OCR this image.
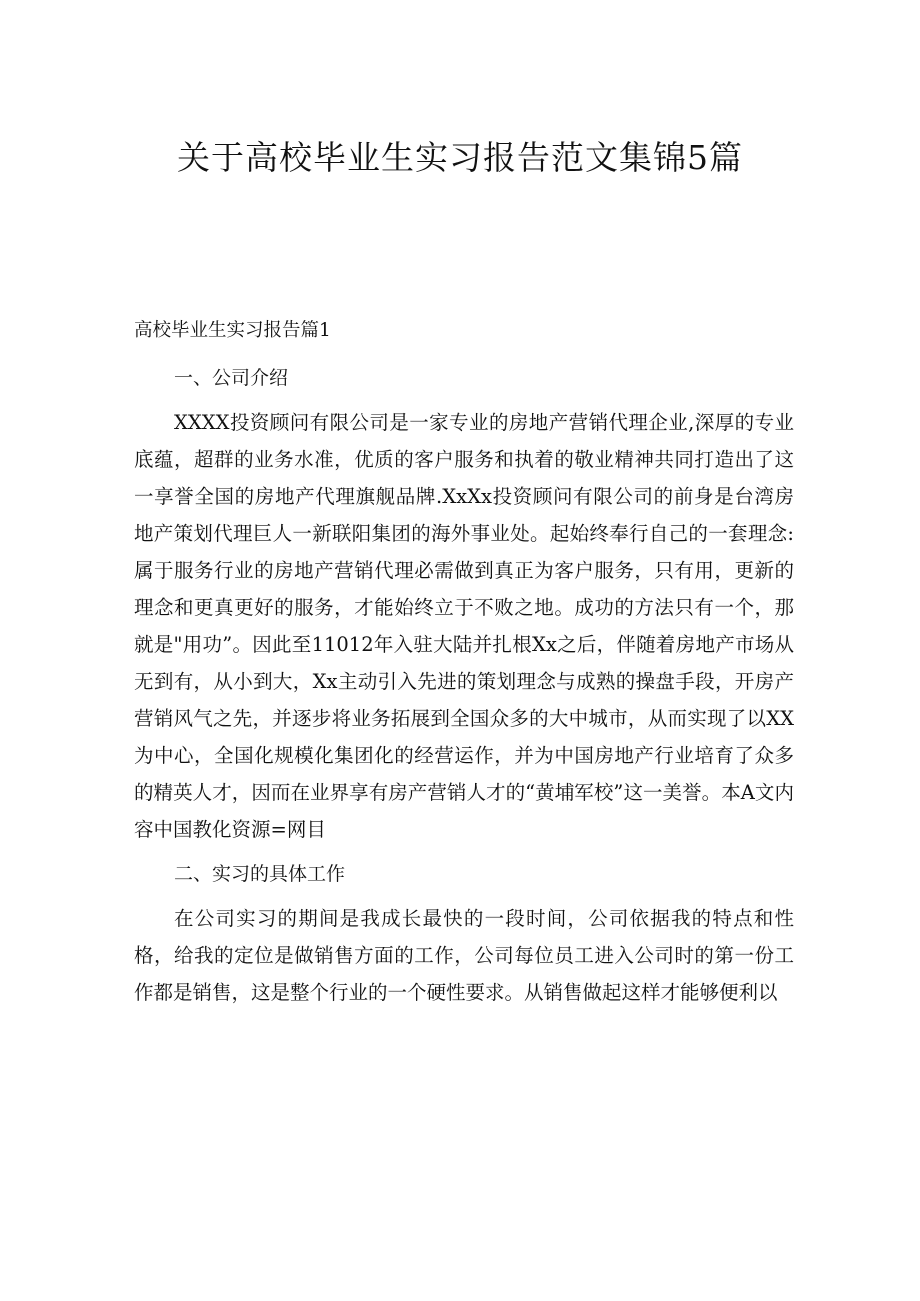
关于高校毕业生实习报告范文集锦5篇
高校毕业生实习报告篇1
一、公司介绍

XXXX投资顾问有限公司是一家专业的房地产营销代理企业,深厚的专业底蕴，超群的业务水准，优质的客户服务和执着的敬业精神共同打造出了这一享誉全国的房地产代理旗舰品牌.XxXx投资顾问有限公司的前身是台湾房地产策划代理巨人一新联阳集团的海外事业处。起始终奉行自己的一套理念:属于服务行业的房地产营销代理必需做到真正为客户服务，只有用，更新的理念和更真更好的服务，才能始终立于不败之地。成功的方法只有一个，那就是"用功”。因此至11012年入驻大陆并扎根Xx之后，伴随着房地产市场从无到有，从小到大，Xx主动引入先进的策划理念与成熟的操盘手段，开房产营销风气之先，并逐步将业务拓展到全国众多的大中城市，从而实现了以XX为中心，全国化规模化集团化的经营运作，并为中国房地产行业培育了众多的精英人才，因而在业界享有房产营销人才的“黄埔军校”这一美誉。本A文内容中国教化资源=网目

二、实习的具体工作

在公司实习的期间是我成长最快的一段时间，公司依据我的特点和性格，给我的定位是做销售方面的工作，公司每位员工进入公司时的第一份工作都是销售，这是整个行业的一个硬性要求。从销售做起这样才能够便利以
